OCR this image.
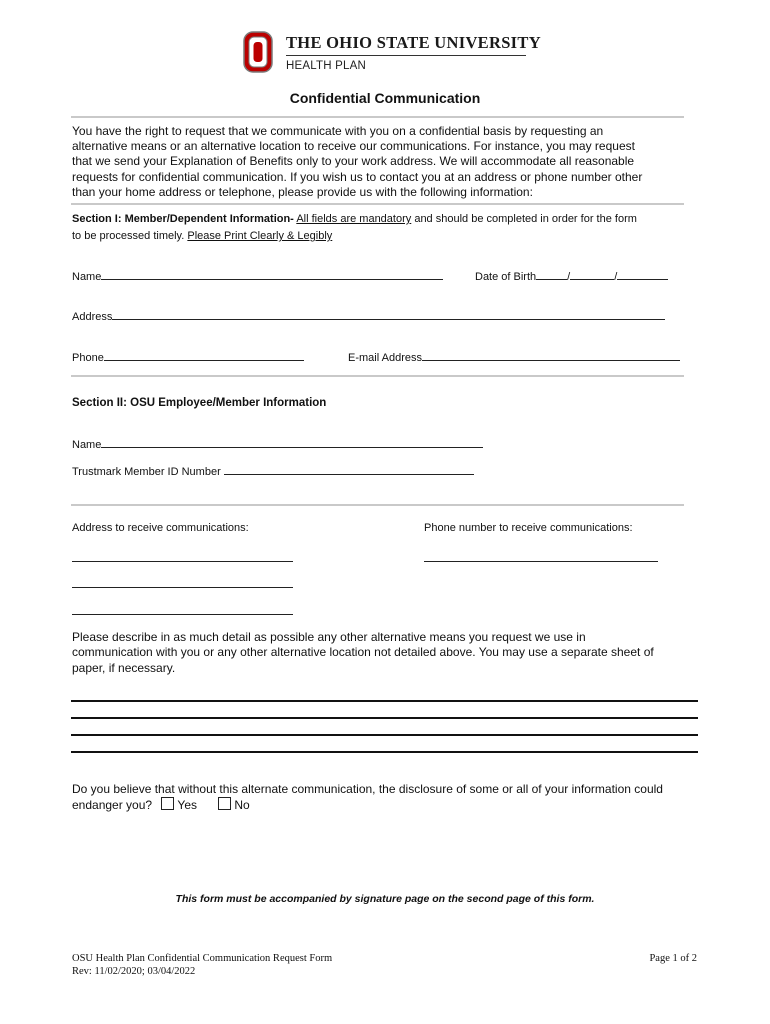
THE OHIO STATE UNIVERSITY
HEALTH PLAN
Confidential Communication

You have the right to request that we communicate with you on a confidential basis by requesting an

alternative means or an alternative location to receive our communications. For instance, you may request

that we send your Explanation of Benefits only to your work address. We will accommodate all reasonable

requests for confidential communication. If you wish us to contact you at an address or phone number other

than your home address or telephone, please provide us with the following information:

Section I: Member/Dependent Information- All fields are mandatory and should be completed in order for the form
to be processed timely. Please Print Clearly & Legibly
Name	Date of Birth	/	/
Address
Phone	E-mail Address
Section II: OSU Employee/Member Information
Name
Trustmark Member ID Number
Address to receive communications:	Phone number to receive communications:

Please describe in as much detail as possible any other alternative means you request we use in

communication with you or any other alternative location not detailed above. You may use a separate sheet of

paper, if necessary.

Do you believe that without this alternate communication, the disclosure of some or all of your information could

endanger you? Yes	No

This form must be accompanied by signature page on the second page of this form.
OSU Health Plan Confidential Communication Request Form
Rev: 11/02/2020; 03/04/2022
Page 1 of 2
